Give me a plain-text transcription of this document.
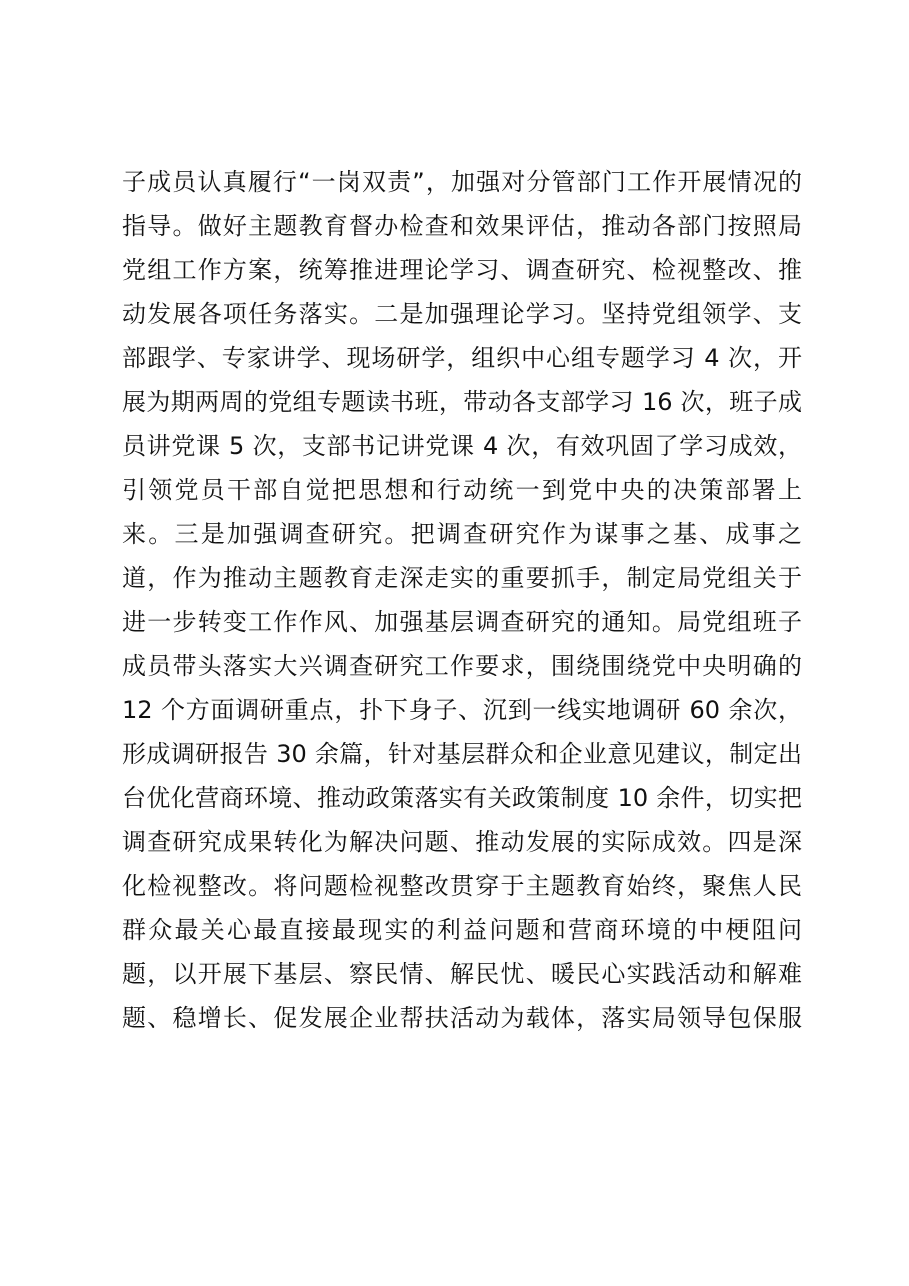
子成员认真履行“一岗双责”，加强对分管部门工作开展情况的
指导。做好主题教育督办检查和效果评估，推动各部门按照局
党组工作方案，统筹推进理论学习、调查研究、检视整改、推
动发展各项任务落实。二是加强理论学习。坚持党组领学、支
部跟学、专家讲学、现场研学，组织中心组专题学习 4 次，开
展为期两周的党组专题读书班，带动各支部学习 16 次，班子成
员讲党课 5 次，支部书记讲党课 4 次，有效巩固了学习成效，
引领党员干部自觉把思想和行动统一到党中央的决策部署上
来。三是加强调查研究。把调查研究作为谋事之基、成事之
道，作为推动主题教育走深走实的重要抓手，制定局党组关于
进一步转变工作作风、加强基层调查研究的通知。局党组班子
成员带头落实大兴调查研究工作要求，围绕围绕党中央明确的
12 个方面调研重点，扑下身子、沉到一线实地调研 60 余次，
形成调研报告 30 余篇，针对基层群众和企业意见建议，制定出
台优化营商环境、推动政策落实有关政策制度 10 余件，切实把
调查研究成果转化为解决问题、推动发展的实际成效。四是深
化检视整改。将问题检视整改贯穿于主题教育始终，聚焦人民
群众最关心最直接最现实的利益问题和营商环境的中梗阻问
题，以开展下基层、察民情、解民忧、暖民心实践活动和解难
题、稳增长、促发展企业帮扶活动为载体，落实局领导包保服
